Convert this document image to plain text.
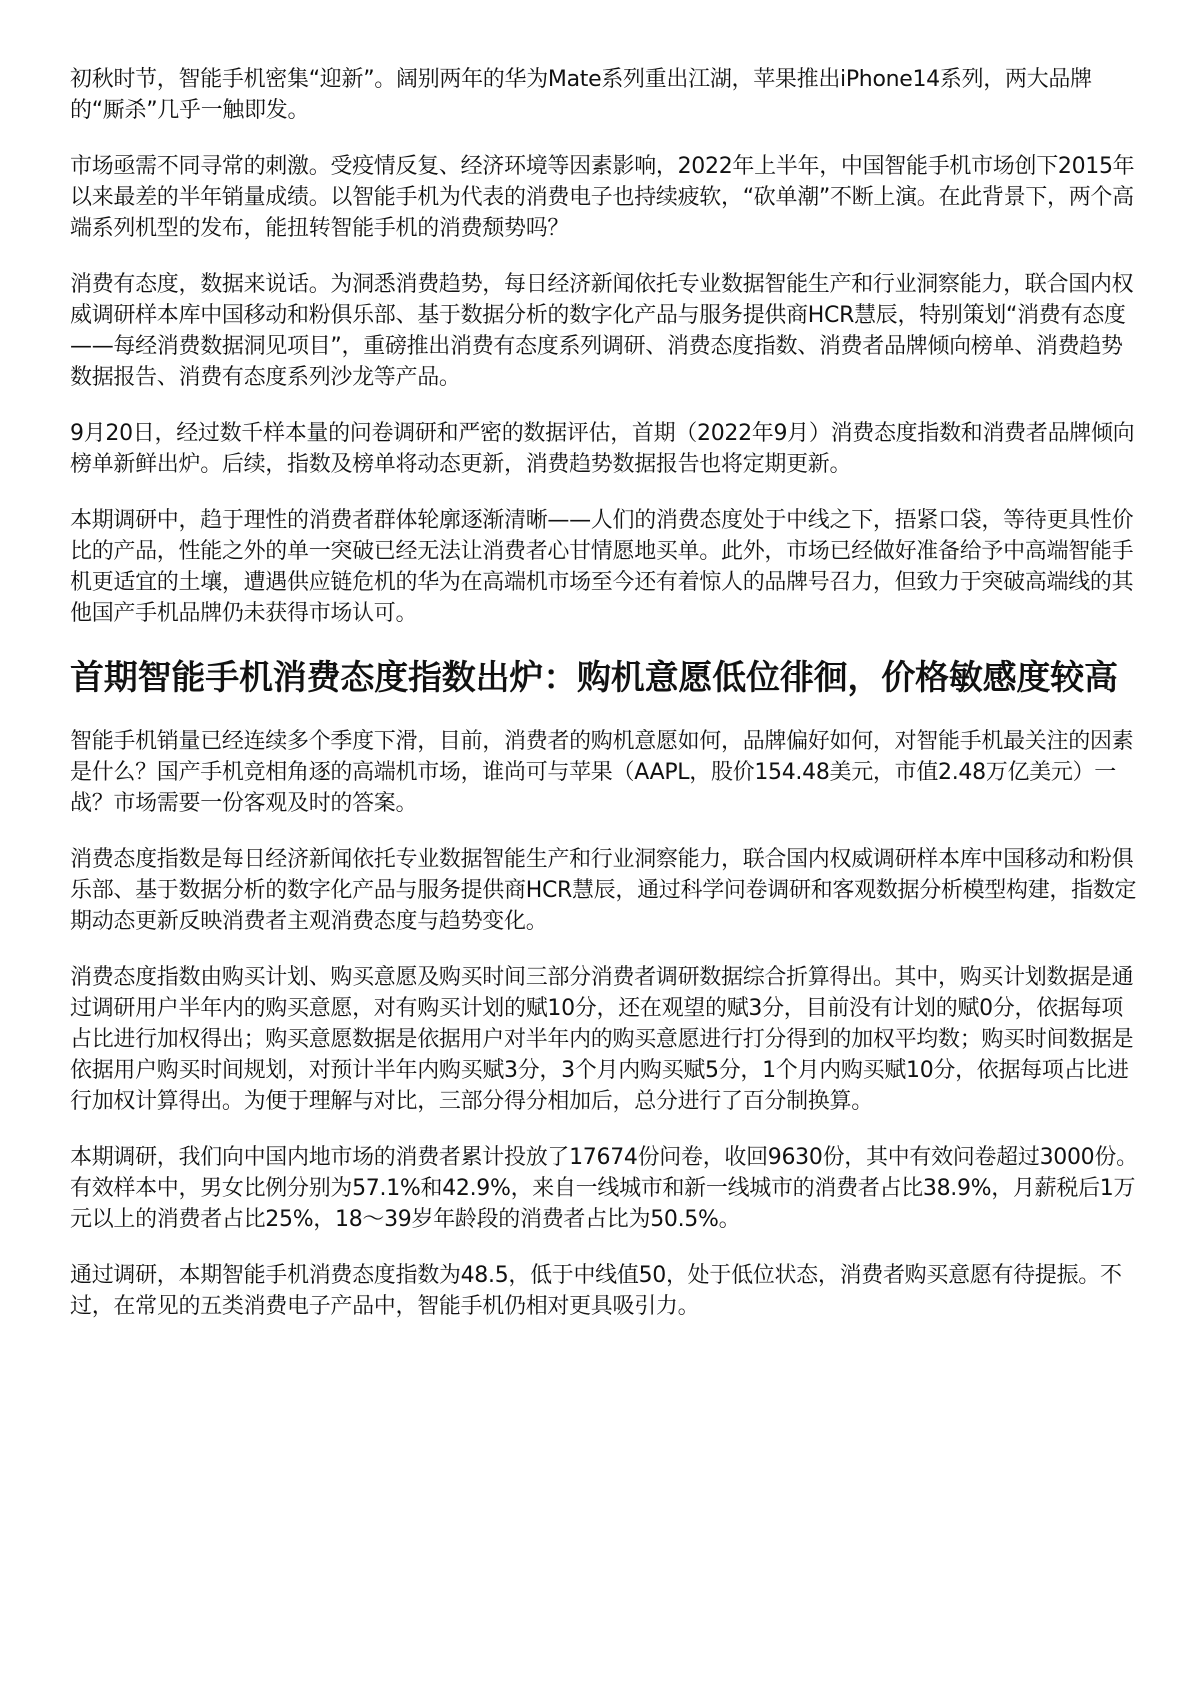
初秋时节，智能手机密集“迎新”。阔别两年的华为Mate系列重出江湖，苹果推出iPhone14系列，两大品牌的“厮杀”几乎一触即发。

市场亟需不同寻常的刺激。受疫情反复、经济环境等因素影响，2022年上半年，中国智能手机市场创下2015年以来最差的半年销量成绩。以智能手机为代表的消费电子也持续疲软，“砍单潮”不断上演。在此背景下，两个高端系列机型的发布，能扭转智能手机的消费颓势吗？

消费有态度，数据来说话。为洞悉消费趋势，每日经济新闻依托专业数据智能生产和行业洞察能力，联合国内权威调研样本库中国移动和粉俱乐部、基于数据分析的数字化产品与服务提供商HCR慧辰，特别策划“消费有态度——每经消费数据洞见项目”，重磅推出消费有态度系列调研、消费态度指数、消费者品牌倾向榜单、消费趋势数据报告、消费有态度系列沙龙等产品。

9月20日，经过数千样本量的问卷调研和严密的数据评估，首期（2022年9月）消费态度指数和消费者品牌倾向榜单新鲜出炉。后续，指数及榜单将动态更新，消费趋势数据报告也将定期更新。

本期调研中，趋于理性的消费者群体轮廓逐渐清晰——人们的消费态度处于中线之下，捂紧口袋，等待更具性价比的产品，性能之外的单一突破已经无法让消费者心甘情愿地买单。此外，市场已经做好准备给予中高端智能手机更适宜的土壤，遭遇供应链危机的华为在高端机市场至今还有着惊人的品牌号召力，但致力于突破高端线的其他国产手机品牌仍未获得市场认可。

首期智能手机消费态度指数出炉：购机意愿低位徘徊，价格敏感度较高

智能手机销量已经连续多个季度下滑，目前，消费者的购机意愿如何，品牌偏好如何，对智能手机最关注的因素是什么？国产手机竞相角逐的高端机市场，谁尚可与苹果（AAPL，股价154.48美元，市值2.48万亿美元）一战？市场需要一份客观及时的答案。

消费态度指数是每日经济新闻依托专业数据智能生产和行业洞察能力，联合国内权威调研样本库中国移动和粉俱乐部、基于数据分析的数字化产品与服务提供商HCR慧辰，通过科学问卷调研和客观数据分析模型构建，指数定期动态更新反映消费者主观消费态度与趋势变化。

消费态度指数由购买计划、购买意愿及购买时间三部分消费者调研数据综合折算得出。其中，购买计划数据是通过调研用户半年内的购买意愿，对有购买计划的赋10分，还在观望的赋3分，目前没有计划的赋0分，依据每项占比进行加权得出；购买意愿数据是依据用户对半年内的购买意愿进行打分得到的加权平均数；购买时间数据是依据用户购买时间规划，对预计半年内购买赋3分，3个月内购买赋5分，1个月内购买赋10分，依据每项占比进行加权计算得出。为便于理解与对比，三部分得分相加后，总分进行了百分制换算。

本期调研，我们向中国内地市场的消费者累计投放了17674份问卷，收回9630份，其中有效问卷超过3000份。有效样本中，男女比例分别为57.1%和42.9%，来自一线城市和新一线城市的消费者占比38.9%，月薪税后1万元以上的消费者占比25%，18～39岁年龄段的消费者占比为50.5%。

通过调研，本期智能手机消费态度指数为48.5，低于中线值50，处于低位状态，消费者购买意愿有待提振。不过，在常见的五类消费电子产品中，智能手机仍相对更具吸引力。
